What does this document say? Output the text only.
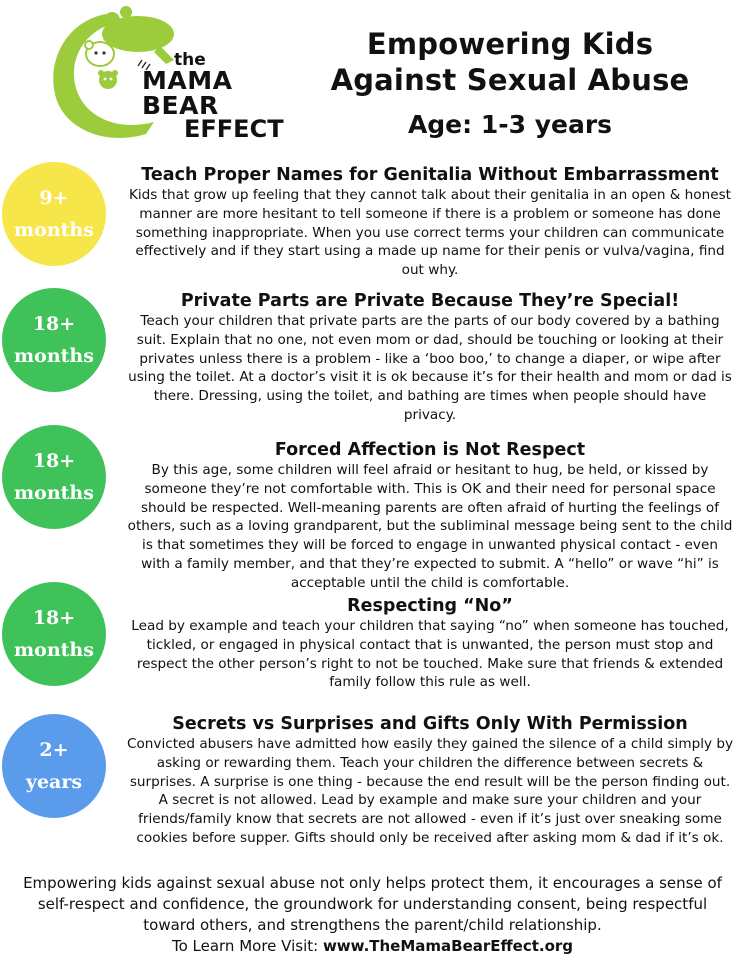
the
MAMA BEAR
EFFECT
Empowering Kids
Against Sexual Abuse
Age: 1-3 years
9+
months
Teach Proper Names for Genitalia Without Embarrassment

Kids that grow up feeling that they cannot talk about their genitalia in an open & honest manner are more hesitant to tell someone if there is a problem or someone has done something inappropriate. When you use correct terms your children can communicate effectively and if they start using a made up name for their penis or vulva/vagina, find out why.

18+
months
Private Parts are Private Because They’re Special!

Teach your children that private parts are the parts of our body covered by a bathing suit. Explain that no one, not even mom or dad, should be touching or looking at their privates unless there is a problem - like a ‘boo boo,’ to change a diaper, or wipe after using the toilet. At a doctor’s visit it is ok because it’s for their health and mom or dad is there. Dressing, using the toilet, and bathing are times when people should have privacy.

18+
months
Forced Affection is Not Respect

By this age, some children will feel afraid or hesitant to hug, be held, or kissed by someone they’re not comfortable with. This is OK and their need for personal space should be respected. Well-meaning parents are often afraid of hurting the feelings of others, such as a loving grandparent, but the subliminal message being sent to the child is that sometimes they will be forced to engage in unwanted physical contact - even with a family member, and that they’re expected to submit. A “hello” or wave “hi” is acceptable until the child is comfortable.

18+
months
Respecting “No”

Lead by example and teach your children that saying “no” when someone has touched, tickled, or engaged in physical contact that is unwanted, the person must stop and respect the other person’s right to not be touched. Make sure that friends & extended family follow this rule as well.

2+
years
Secrets vs Surprises and Gifts Only With Permission

Convicted abusers have admitted how easily they gained the silence of a child simply by asking or rewarding them. Teach your children the difference between secrets & surprises. A surprise is one thing - because the end result will be the person finding out. A secret is not allowed. Lead by example and make sure your children and your friends/family know that secrets are not allowed - even if it’s just over sneaking some cookies before supper. Gifts should only be received after asking mom & dad if it’s ok.

Empowering kids against sexual abuse not only helps protect them, it encourages a sense of self-respect and confidence, the groundwork for understanding consent, being respectful toward others, and strengthens the parent/child relationship.
To Learn More Visit: www.TheMamaBearEffect.org
